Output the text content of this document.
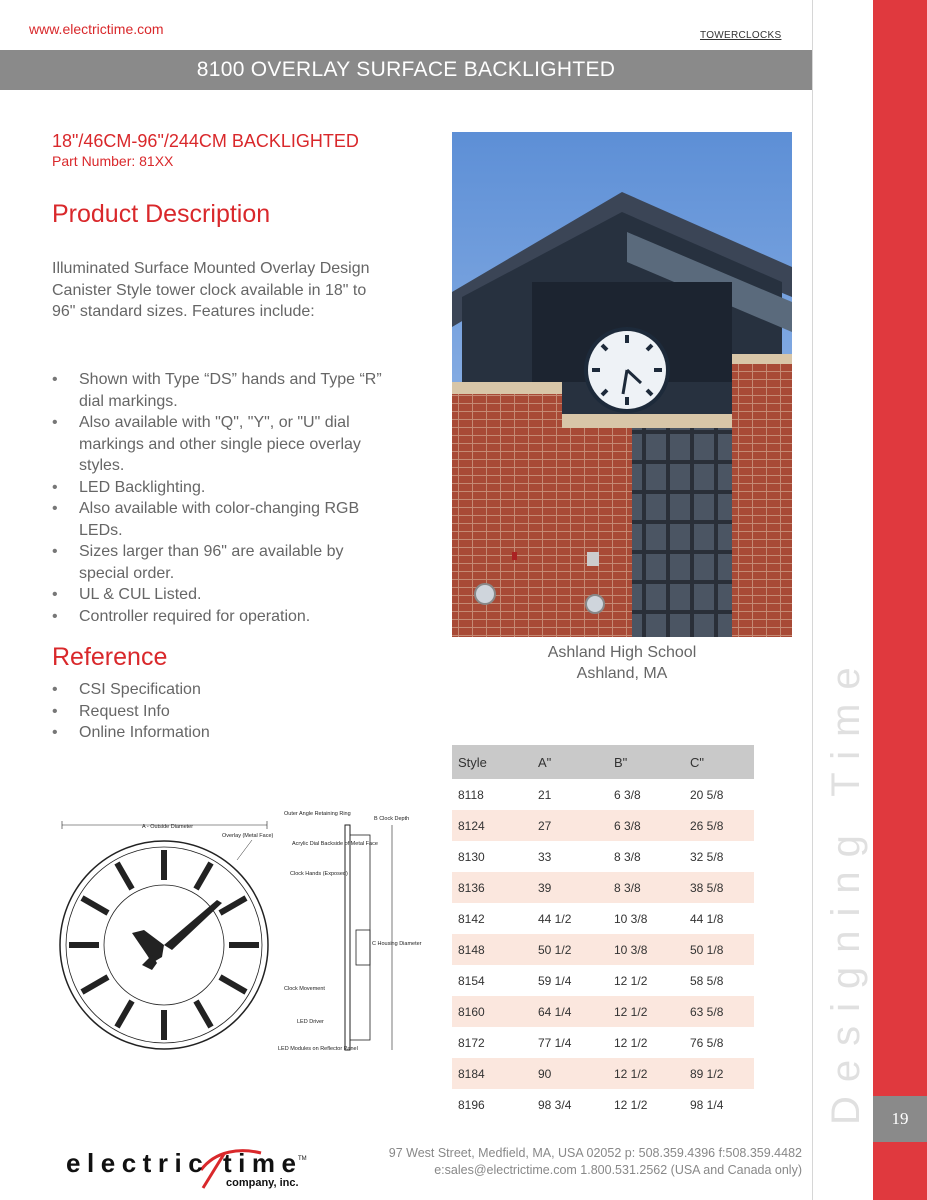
www.electrictime.com	TOWERCLOCKS
Designing Time	19
8100 OVERLAY SURFACE BACKLIGHTED
18"/46CM-96"/244CM BACKLIGHTED
Part Number: 81XX
Product Description

Illuminated Surface Mounted Overlay Design Canister Style tower clock available in 18" to 96" standard sizes. Features include:

• Shown with Type “DS” hands and Type “R” dial markings.
• Also available with "Q", "Y", or "U" dial markings and other single piece overlay styles.
• LED Backlighting.
• Also available with color-changing RGB LEDs.
• Sizes larger than 96" are available by special order.
• UL & CUL Listed.
• Controller required for operation.
Reference
• CSI Specification
• Request Info
• Online Information
Ashland High School
Ashland, MA
Style	A"	B"	C"
8118	21	6 3/8	20 5/8
8124	27	6 3/8	26 5/8
8130	33	8 3/8	32 5/8
8136	39	8 3/8	38 5/8
8142	44 1/2	10 3/8	44 1/8
8148	50 1/2	10 3/8	50 1/8
8154	59 1/4	12 1/2	58 5/8
8160	64 1/4	12 1/2	63 5/8
8172	77 1/4	12 1/2	76 5/8
8184	90	12 1/2	89 1/2
8196	98 3/4	12 1/2	98 1/4
A - Outside Diameter
Overlay (Metal Face)
Outer Angle Retaining Ring
Acrylic Dial Backside of Metal Face
Clock Hands (Exposed)
B Clock Depth
C Housing Diameter
Clock Movement
LED Driver
LED Modules on Reflector Panel
electric time TM
company, inc.
97 West Street, Medfield, MA, USA 02052 p: 508.359.4396 f:508.359.4482
e:sales@electrictime.com 1.800.531.2562 (USA and Canada only)
